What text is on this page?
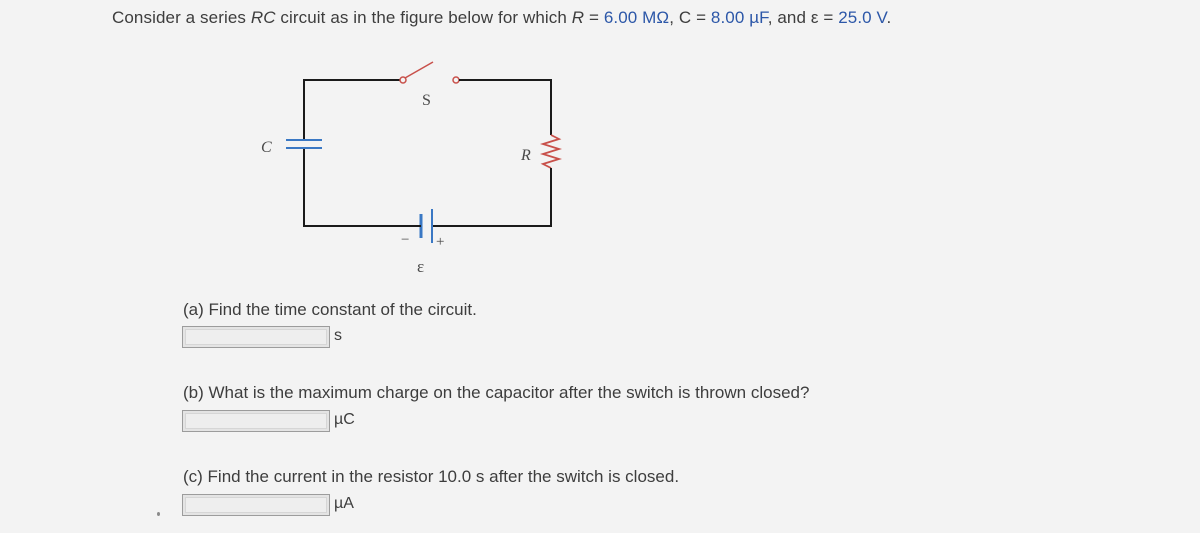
Consider a series RC circuit as in the figure below for which R = 6.00 MΩ, C = 8.00 µF, and ε = 25.0 V.
C
S
R
− +
ε
(a) Find the time constant of the circuit.
s
(b) What is the maximum charge on the capacitor after the switch is thrown closed?
µC
(c) Find the current in the resistor 10.0 s after the switch is closed.
µA
